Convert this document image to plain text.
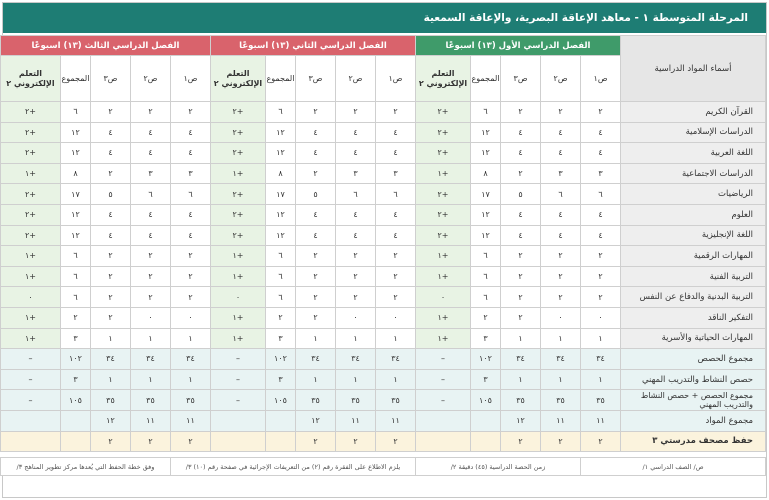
المرحلة المتوسطة ١ - معاهد الإعاقة البصرية، والإعاقة السمعية
أسماء المواد الدراسية	الفصل الدراسي الأول (١٣) اسبوعًا					الفصل الدراسي الثاني (١٣) اسبوعًا					الفصل الدراسي الثالث (١٣) اسبوعًا				
	ص١	ص٢	ص٣	المجموع	التعلم الإلكتروني ٢	ص١	ص٢	ص٣	المجموع	التعلم الإلكتروني ٢	ص١	ص٢	ص٣	المجموع	التعلم الإلكتروني ٢
القرآن الكريم	٢	٢	٢	٦	+٢	٢	٢	٢	٦	+٢	٢	٢	٢	٦	+٢
الدراسات الإسلامية	٤	٤	٤	١٢	+٢	٤	٤	٤	١٢	+٢	٤	٤	٤	١٢	+٢
اللغة العربية	٤	٤	٤	١٢	+٢	٤	٤	٤	١٢	+٢	٤	٤	٤	١٢	+٢
الدراسات الاجتماعية	٣	٣	٢	٨	+١	٣	٣	٢	٨	+١	٣	٣	٢	٨	+١
الرياضيات	٦	٦	٥	١٧	+٢	٦	٦	٥	١٧	+٢	٦	٦	٥	١٧	+٢
العلوم	٤	٤	٤	١٢	+٢	٤	٤	٤	١٢	+٢	٤	٤	٤	١٢	+٢
اللغة الإنجليزية	٤	٤	٤	١٢	+٢	٤	٤	٤	١٢	+٢	٤	٤	٤	١٢	+٢
المهارات الرقمية	٢	٢	٢	٦	+١	٢	٢	٢	٦	+١	٢	٢	٢	٦	+١
التربية الفنية	٢	٢	٢	٦	+١	٢	٢	٢	٦	+١	٢	٢	٢	٦	+١
التربية البدنية والدفاع عن النفس	٢	٢	٢	٦	٠	٢	٢	٢	٦	٠	٢	٢	٢	٦	٠
التفكير الناقد	٠	٠	٢	٢	+١	٠	٠	٢	٢	+١	٠	٠	٢	٢	+١
المهارات الحياتية والأسرية	١	١	١	٣	+١	١	١	١	٣	+١	١	١	١	٣	+١
مجموع الحصص	٣٤	٣٤	٣٤	١٠٢	–	٣٤	٣٤	٣٤	١٠٢	–	٣٤	٣٤	٣٤	١٠٢	–
حصص النشاط والتدريب المهني	١	١	١	٣	–	١	١	١	٣	–	١	١	١	٣	–
مجموع الحصص + حصص النشاط والتدريب المهني	٣٥	٣٥	٣٥	١٠٥	–	٣٥	٣٥	٣٥	١٠٥	–	٣٥	٣٥	٣٥	١٠٥	–
مجموع المواد	١١	١١	١٢			١١	١١	١٢			١١	١١	١٢		
حفظ مصحف مدرستي ٣	٢	٢	٢			٢	٢	٢			٢	٢	٢		

ص/ الصف الدراسي ١/		زمن الحصة الدراسية (٤٥) دقيقة ٢/				يلزم الاطلاع على الفقرة رقم (٢) من التعريفات الإجرائية في صفحة رقم (١٠) ٣/						وفق خطة الحفظ التي يُعدها مركز تطوير المناهج ٣/			
